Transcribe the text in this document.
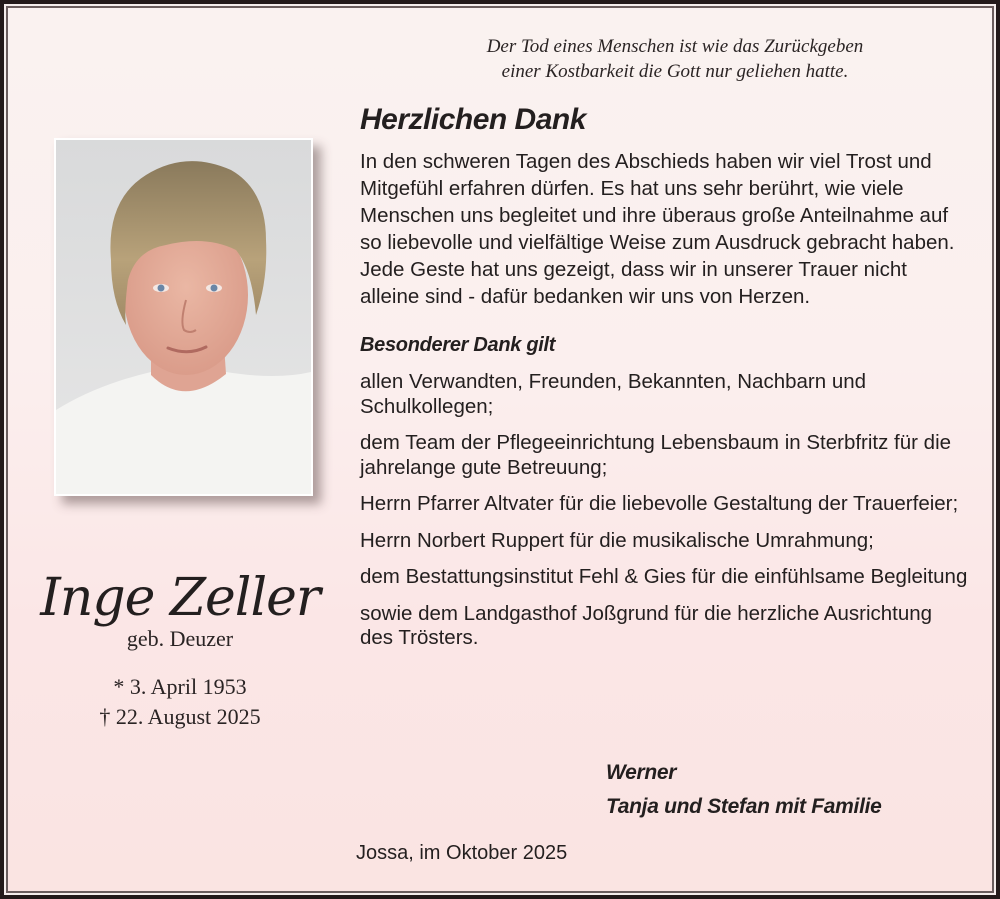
Der Tod eines Menschen ist wie das Zurückgeben
einer Kostbarkeit die Gott nur geliehen hatte.
Inge Zeller
geb. Deuzer
* 3. April 1953
† 22. August 2025
Herzlichen Dank

In den schweren Tagen des Abschieds haben wir viel Trost und Mitgefühl erfahren dürfen. Es hat uns sehr berührt, wie viele Menschen uns begleitet und ihre überaus große Anteilnahme auf so liebevolle und vielfältige Weise zum Ausdruck gebracht haben. Jede Geste hat uns gezeigt, dass wir in unserer Trauer nicht alleine sind - dafür bedanken wir uns von Herzen.

Besonderer Dank gilt
allen Verwandten, Freunden, Bekannten, Nachbarn und Schulkollegen;
dem Team der Pflegeeinrichtung Lebensbaum in Sterbfritz für die jahrelange gute Betreuung;
Herrn Pfarrer Altvater für die liebevolle Gestaltung der Trauerfeier;
Herrn Norbert Ruppert für die musikalische Umrahmung;
dem Bestattungsinstitut Fehl & Gies für die einfühlsame Begleitung
sowie dem Landgasthof Joßgrund für die herzliche Ausrichtung des Trösters.
Werner
Tanja und Stefan mit Familie
Jossa, im Oktober 2025
